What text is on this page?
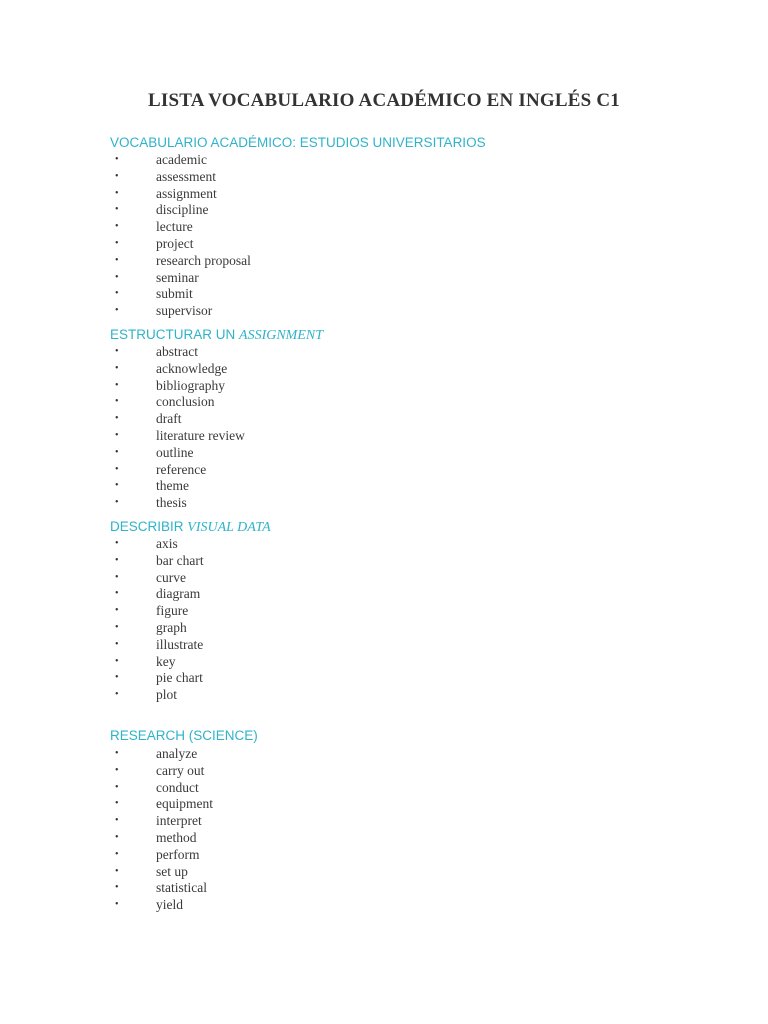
LISTA VOCABULARIO ACADÉMICO EN INGLÉS C1
VOCABULARIO ACADÉMICO: ESTUDIOS UNIVERSITARIOS
•	academic
•	assessment
•	assignment
•	discipline
•	lecture
•	project
•	research proposal
•	seminar
•	submit
•	supervisor
ESTRUCTURAR UN ASSIGNMENT
•	abstract
•	acknowledge
•	bibliography
•	conclusion
•	draft
•	literature review
•	outline
•	reference
•	theme
•	thesis
DESCRIBIR VISUAL DATA
•	axis
•	bar chart
•	curve
•	diagram
•	figure
•	graph
•	illustrate
•	key
•	pie chart
•	plot
RESEARCH (SCIENCE)
•	analyze
•	carry out
•	conduct
•	equipment
•	interpret
•	method
•	perform
•	set up
•	statistical
•	yield
